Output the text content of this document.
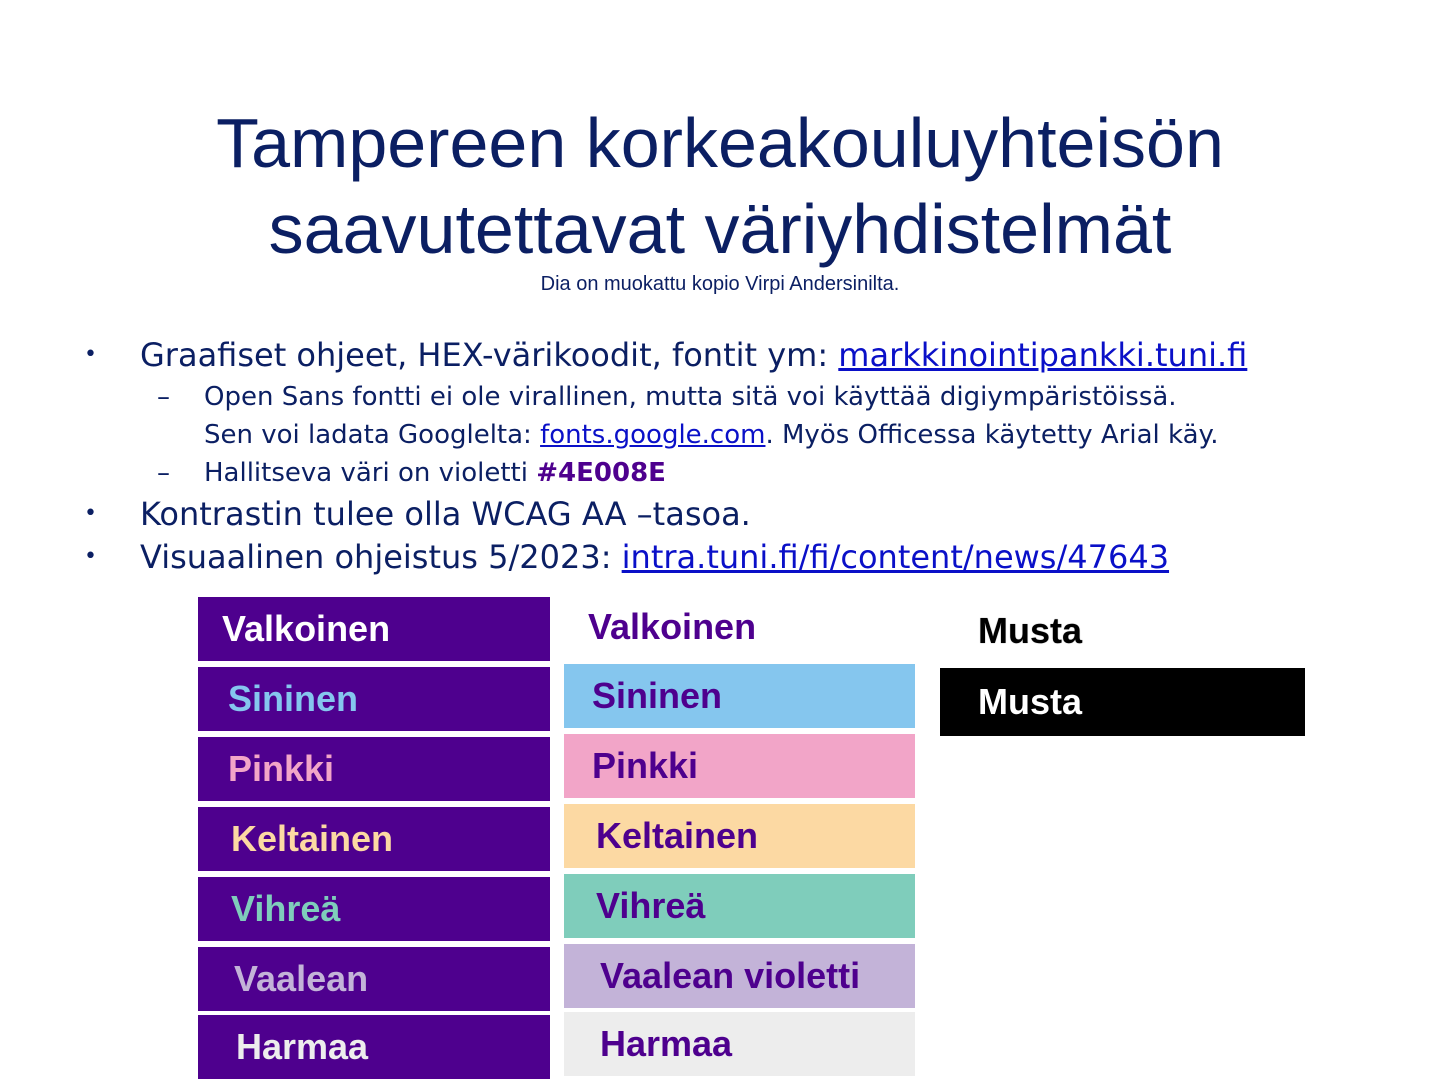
Tampereen korkeakouluyhteisön
saavutettavat väriyhdistelmät
Dia on muokattu kopio Virpi Andersinilta.
• Graafiset ohjeet, HEX-värikoodit, fontit ym: markkinointipankki.tuni.fi
– Open Sans fontti ei ole virallinen, mutta sitä voi käyttää digiympäristöissä.
Sen voi ladata Googlelta: fonts.google.com. Myös Officessa käytetty Arial käy.
– Hallitseva väri on violetti #4E008E
• Kontrastin tulee olla WCAG AA –tasoa.
• Visuaalinen ohjeistus 5/2023: intra.tuni.fi/fi/content/news/47643
Valkoinen
Sininen
Pinkki
Keltainen
Vihreä
Vaalean
Harmaa
Valkoinen
Sininen
Pinkki
Keltainen
Vihreä
Vaalean violetti
Harmaa
Musta
Musta
